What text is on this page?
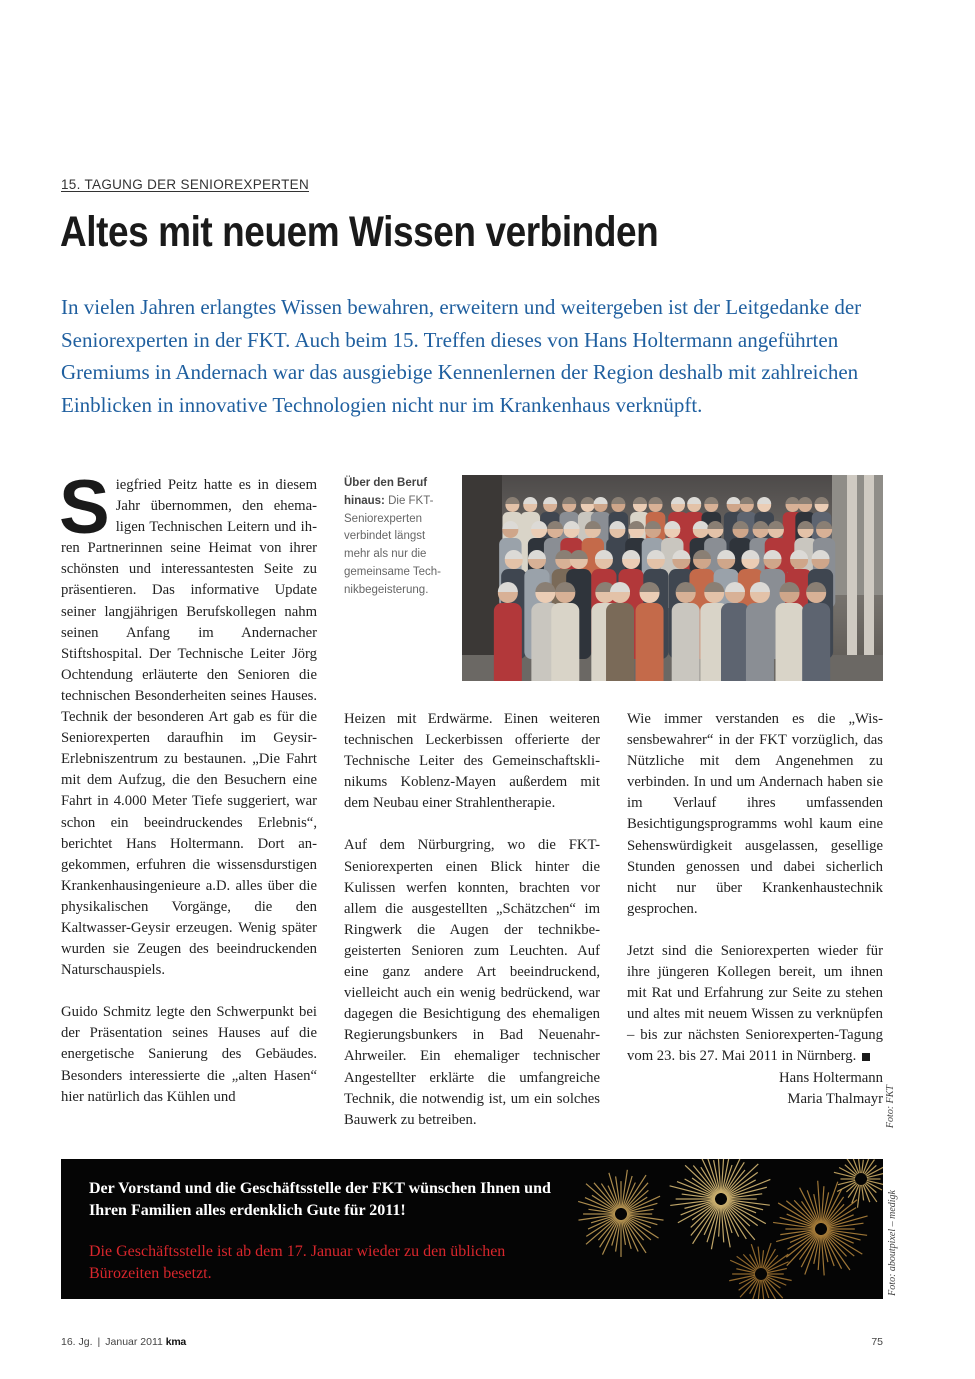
15. TAGUNG DER SENIOREXPERTEN
Altes mit neuem Wissen verbinden

In vielen Jahren erlangtes Wissen bewahren, erweitern und weitergeben ist der Leitgedanke der Seniorexperten in der FKT. Auch beim 15. Treffen dieses von Hans Holtermann angeführten Gremiums in Andernach war das ausgiebige Kennenlernen der Region deshalb mit zahlreichen Einblicken in innovative Technologien nicht nur im Krankenhaus verknüpft.

Siegfried Peitz hatte es in diesem Jahr übernommen, den ehemaligen Technischen Leitern und ihren Partnerinnen seine Heimat von ihrer schönsten und interessantesten Seite zu präsentieren. Das informative Update seiner langjährigen Berufskollegen nahm seinen Anfang im Andernacher Stiftshospital. Der Technische Leiter Jörg Ochtendung erläuterte den Senioren die technischen Besonderheiten seines Hauses. Technik der besonderen Art gab es für die Seniorexperten daraufhin im Geysir-Erlebniszentrum zu bestaunen. „Die Fahrt mit dem Aufzug, die den Besuchern eine Fahrt in 4.000 Meter Tiefe suggeriert, war schon ein beeindruckendes Erlebnis“, berichtet Hans Holtermann. Dort angekommen, erfuhren die wissensdurstigen Krankenhausingenieure a.D. alles über die physikalischen Vorgänge, die den Kaltwasser-Geysir erzeugen. Wenig später wurden sie Zeugen des beeindruckenden Naturschauspiels.

Guido Schmitz legte den Schwerpunkt bei der Präsentation seines Hauses auf die energetische Sanierung des Gebäudes. Besonders interessierte die „alten Hasen“ hier natürlich das Kühlen und

Über den Beruf hinaus: Die FKT-Seniorexperten verbindet längst mehr als nur die gemeinsame Technikbegeisterung.

Heizen mit Erdwärme. Einen weiteren technischen Leckerbissen offerierte der Technische Leiter des Gemeinschaftsklinikums Koblenz-Mayen außerdem mit dem Neubau einer Strahlentherapie.

Auf dem Nürburgring, wo die FKT-Seniorexperten einen Blick hinter die Kulissen werfen konnten, brachten vor allem die ausgestellten „Schätzchen“ im Ringwerk die Augen der technikbegeisterten Senioren zum Leuchten. Auf eine ganz andere Art beeindruckend, vielleicht auch ein wenig bedrückend, war dagegen die Besichtigung des ehemaligen Regierungsbunkers in Bad Neuenahr-Ahrweiler. Ein ehemaliger technischer Angestellter erklärte die umfangreiche Technik, die notwendig ist, um ein solches Bauwerk zu betreiben.

Wie immer verstanden es die „Wissensbewahrer“ in der FKT vorzüglich, das Nützliche mit dem Angenehmen zu verbinden. In und um Andernach haben sie im Verlauf ihres umfassenden Besichtigungsprogramms wohl kaum eine Sehenswürdigkeit ausgelassen, gesellige Stunden genossen und dabei sicherlich nicht nur über Krankenhaustechnik gesprochen.

Jetzt sind die Seniorexperten wieder für ihre jüngeren Kollegen bereit, um ihnen mit Rat und Erfahrung zur Seite zu stehen und altes mit neuem Wissen zu verknüpfen – bis zur nächsten Seniorexperten-Tagung vom 23. bis 27. Mai 2011 in Nürnberg.

Hans Holtermann
Maria Thalmayr Foto: FKT

Der Vorstand und die Geschäftsstelle der FKT wünschen Ihnen und Ihren Familien alles erdenklich Gute für 2011!

Die Geschäftsstelle ist ab dem 17. Januar wieder zu den üblichen Bürozeiten besetzt.	Foto: aboutpixel – medigk
16. Jg. | Januar 2011 kma	75
